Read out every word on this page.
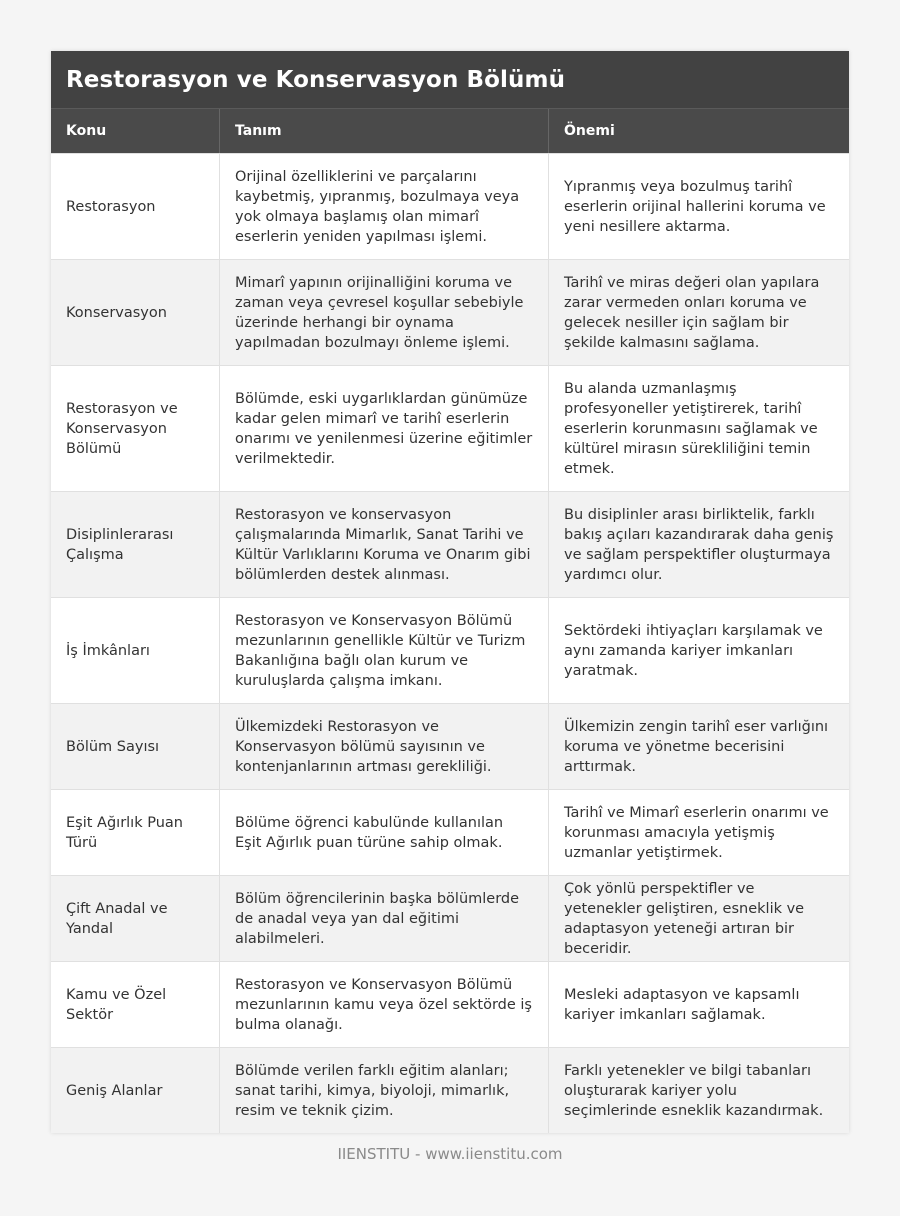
Restorasyon ve Konservasyon Bölümü
Konu	Tanım	Önemi
Restorasyon
Orijinal özelliklerini ve parçalarını kaybetmiş, yıpranmış, bozulmaya veya yok olmaya başlamış olan mimarî eserlerin yeniden yapılması işlemi.
Yıpranmış veya bozulmuş tarihî eserlerin orijinal hallerini koruma ve yeni nesillere aktarma.
Konservasyon
Mimarî yapının orijinalliğini koruma ve zaman veya çevresel koşullar sebebiyle üzerinde herhangi bir oynama yapılmadan bozulmayı önleme işlemi.
Tarihî ve miras değeri olan yapılara zarar vermeden onları koruma ve gelecek nesiller için sağlam bir şekilde kalmasını sağlama.
Restorasyon ve Konservasyon Bölümü
Bölümde, eski uygarlıklardan günümüze kadar gelen mimarî ve tarihî eserlerin onarımı ve yenilenmesi üzerine eğitimler verilmektedir.
Bu alanda uzmanlaşmış profesyoneller yetiştirerek, tarihî eserlerin korunmasını sağlamak ve kültürel mirasın sürekliliğini temin etmek.
Disiplinlerarası Çalışma
Restorasyon ve konservasyon çalışmalarında Mimarlık, Sanat Tarihi ve Kültür Varlıklarını Koruma ve Onarım gibi bölümlerden destek alınması.
Bu disiplinler arası birliktelik, farklı bakış açıları kazandırarak daha geniş ve sağlam perspektifler oluşturmaya yardımcı olur.
İş İmkânları
Restorasyon ve Konservasyon Bölümü mezunlarının genellikle Kültür ve Turizm Bakanlığına bağlı olan kurum ve kuruluşlarda çalışma imkanı.
Sektördeki ihtiyaçları karşılamak ve aynı zamanda kariyer imkanları yaratmak.
Bölüm Sayısı
Ülkemizdeki Restorasyon ve Konservasyon bölümü sayısının ve kontenjanlarının artması gerekliliği.
Ülkemizin zengin tarihî eser varlığını koruma ve yönetme becerisini arttırmak.
Eşit Ağırlık Puan Türü
Bölüme öğrenci kabulünde kullanılan Eşit Ağırlık puan türüne sahip olmak.
Tarihî ve Mimarî eserlerin onarımı ve korunması amacıyla yetişmiş uzmanlar yetiştirmek.
Çift Anadal ve Yandal
Bölüm öğrencilerinin başka bölümlerde de anadal veya yan dal eğitimi alabilmeleri.
Çok yönlü perspektifler ve yetenekler geliştiren, esneklik ve adaptasyon yeteneği artıran bir beceridir.
Kamu ve Özel Sektör
Restorasyon ve Konservasyon Bölümü mezunlarının kamu veya özel sektörde iş bulma olanağı.
Mesleki adaptasyon ve kapsamlı kariyer imkanları sağlamak.
Geniş Alanlar
Bölümde verilen farklı eğitim alanları; sanat tarihi, kimya, biyoloji, mimarlık, resim ve teknik çizim.
Farklı yetenekler ve bilgi tabanları oluşturarak kariyer yolu seçimlerinde esneklik kazandırmak.
IIENSTITU - www.iienstitu.com
